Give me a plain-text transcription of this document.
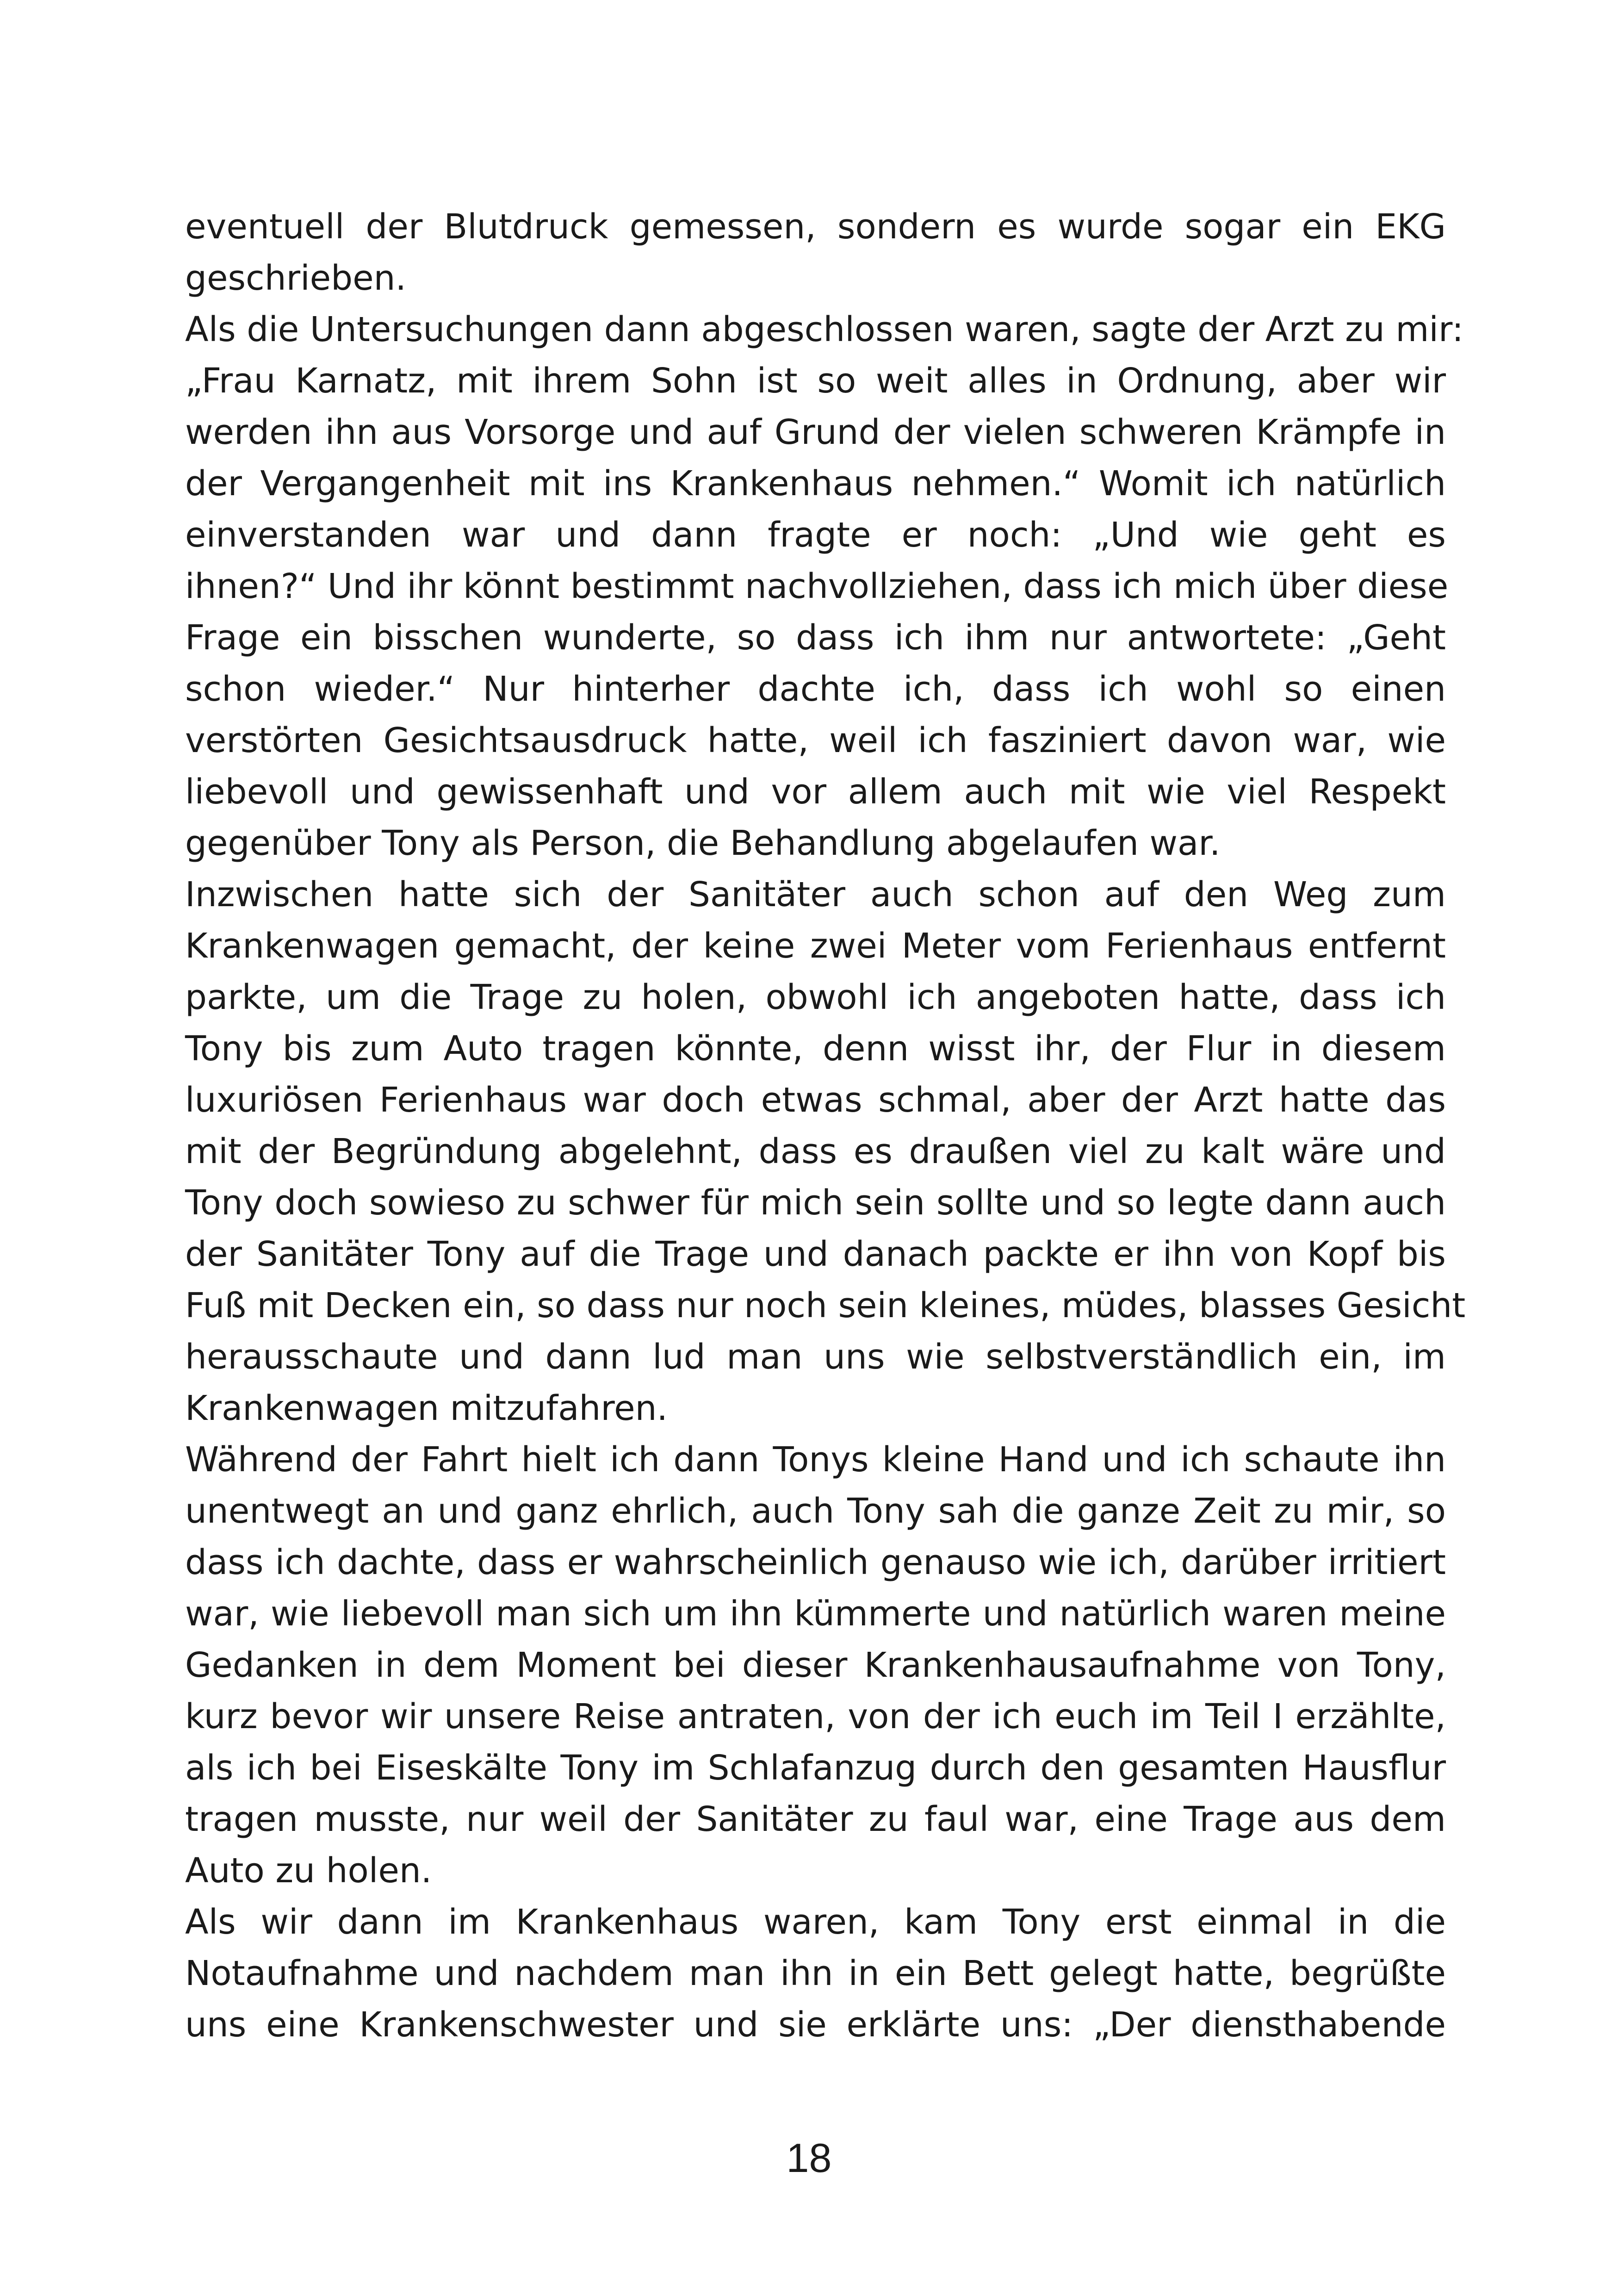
eventuell der Blutdruck gemessen, sondern es wurde sogar ein EKG
geschrieben.

Als die Untersuchungen dann abgeschlossen waren, sagte der Arzt zu mir:
„Frau Karnatz, mit ihrem Sohn ist so weit alles in Ordnung, aber wir
werden ihn aus Vorsorge und auf Grund der vielen schweren Krämpfe in
der Vergangenheit mit ins Krankenhaus nehmen.“ Womit ich natürlich
einverstanden war und dann fragte er noch: „Und wie geht es
ihnen?“ Und ihr könnt bestimmt nachvollziehen, dass ich mich über diese
Frage ein bisschen wunderte, so dass ich ihm nur antwortete: „Geht
schon wieder.“ Nur hinterher dachte ich, dass ich wohl so einen
verstörten Gesichtsausdruck hatte, weil ich fasziniert davon war, wie
liebevoll und gewissenhaft und vor allem auch mit wie viel Respekt
gegenüber Tony als Person, die Behandlung abgelaufen war.

Inzwischen hatte sich der Sanitäter auch schon auf den Weg zum
Krankenwagen gemacht, der keine zwei Meter vom Ferienhaus entfernt
parkte, um die Trage zu holen, obwohl ich angeboten hatte, dass ich
Tony bis zum Auto tragen könnte, denn wisst ihr, der Flur in diesem
luxuriösen Ferienhaus war doch etwas schmal, aber der Arzt hatte das
mit der Begründung abgelehnt, dass es draußen viel zu kalt wäre und
Tony doch sowieso zu schwer für mich sein sollte und so legte dann auch
der Sanitäter Tony auf die Trage und danach packte er ihn von Kopf bis
Fuß mit Decken ein, so dass nur noch sein kleines, müdes, blasses Gesicht
herausschaute und dann lud man uns wie selbstverständlich ein, im
Krankenwagen mitzufahren.

Während der Fahrt hielt ich dann Tonys kleine Hand und ich schaute ihn
unentwegt an und ganz ehrlich, auch Tony sah die ganze Zeit zu mir, so
dass ich dachte, dass er wahrscheinlich genauso wie ich, darüber irritiert
war, wie liebevoll man sich um ihn kümmerte und natürlich waren meine
Gedanken in dem Moment bei dieser Krankenhausaufnahme von Tony,
kurz bevor wir unsere Reise antraten, von der ich euch im Teil I erzählte,
als ich bei Eiseskälte Tony im Schlafanzug durch den gesamten Hausflur
tragen musste, nur weil der Sanitäter zu faul war, eine Trage aus dem
Auto zu holen.

Als wir dann im Krankenhaus waren, kam Tony erst einmal in die
Notaufnahme und nachdem man ihn in ein Bett gelegt hatte, begrüßte
uns eine Krankenschwester und sie erklärte uns: „Der diensthabende

18
